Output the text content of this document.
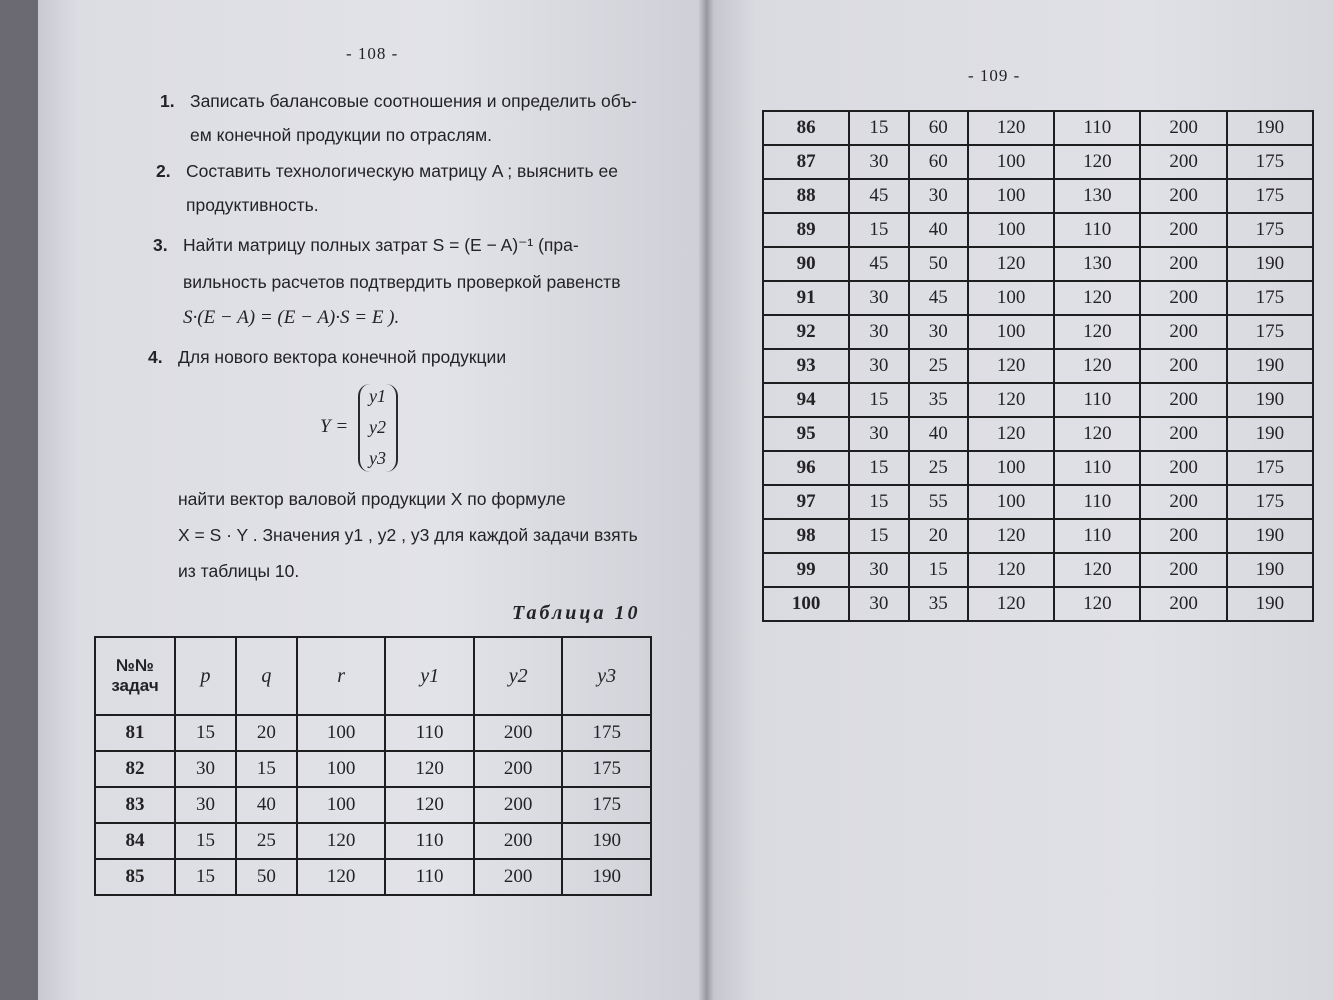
- 108 -
1. Записать балансовые соотношения и определить объ-
ем конечной продукции по отраслям.
2. Составить технологическую матрицу A ; выяснить ее
продуктивность.
3. Найти матрицу полных затрат S = (E − A)⁻¹ (пра-
вильность расчетов подтвердить проверкой равенств
S·(E − A) = (E − A)·S = E ).
4. Для нового вектора конечной продукции
Y =
y1
y2
y3
найти вектор валовой продукции X по формуле
X = S · Y . Значения y1 , y2 , y3 для каждой задачи взять
из таблицы 10.
Таблица 10
№№ задач	p	q	r	y1	y2	y3
81	15	20	100	110	200	175
82	30	15	100	120	200	175
83	30	40	100	120	200	175
84	15	25	120	110	200	190
85	15	50	120	110	200	190
- 109 -
86	15	60	120	110	200	190
87	30	60	100	120	200	175
88	45	30	100	130	200	175
89	15	40	100	110	200	175
90	45	50	120	130	200	190
91	30	45	100	120	200	175
92	30	30	100	120	200	175
93	30	25	120	120	200	190
94	15	35	120	110	200	190
95	30	40	120	120	200	190
96	15	25	100	110	200	175
97	15	55	100	110	200	175
98	15	20	120	110	200	190
99	30	15	120	120	200	190
100	30	35	120	120	200	190
